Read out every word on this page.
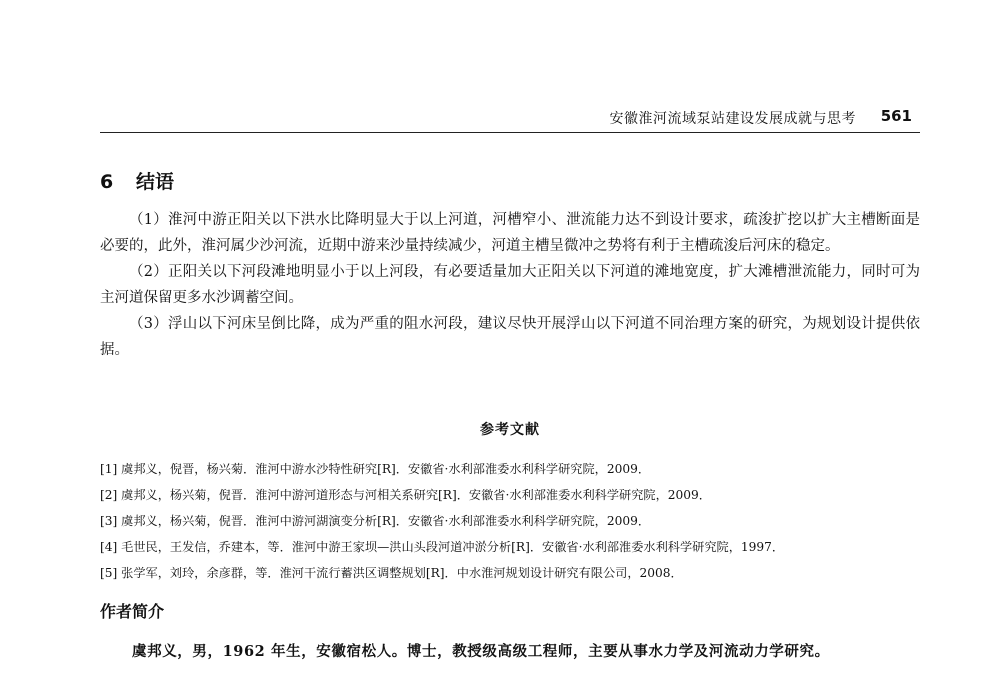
安徽淮河流域泵站建设发展成就与思考 561
6 结语

（1）淮河中游正阳关以下洪水比降明显大于以上河道，河槽窄小、泄流能力达不到设计要求，疏浚扩挖以扩大主槽断面是必要的，此外，淮河属少沙河流，近期中游来沙量持续减少，河道主槽呈微冲之势将有利于主槽疏浚后河床的稳定。

（2）正阳关以下河段滩地明显小于以上河段，有必要适量加大正阳关以下河道的滩地宽度，扩大滩槽泄流能力，同时可为主河道保留更多水沙调蓄空间。

（3）浮山以下河床呈倒比降，成为严重的阻水河段，建议尽快开展浮山以下河道不同治理方案的研究，为规划设计提供依据。

参考文献
[1] 虞邦义，倪晋，杨兴菊．淮河中游水沙特性研究[R]．安徽省·水利部淮委水利科学研究院，2009．
[2] 虞邦义，杨兴菊，倪晋．淮河中游河道形态与河相关系研究[R]．安徽省·水利部淮委水利科学研究院，2009．
[3] 虞邦义，杨兴菊，倪晋．淮河中游河湖演变分析[R]．安徽省·水利部淮委水利科学研究院，2009．
[4] 毛世民，王发信，乔建本，等．淮河中游王家坝—洪山头段河道冲淤分析[R]．安徽省·水利部淮委水利科学研究院，1997．
[5] 张学军，刘玲，余彦群，等．淮河干流行蓄洪区调整规划[R]．中水淮河规划设计研究有限公司，2008．
作者简介
虞邦义，男，1962 年生，安徽宿松人。博士，教授级高级工程师，主要从事水力学及河流动力学研究。
